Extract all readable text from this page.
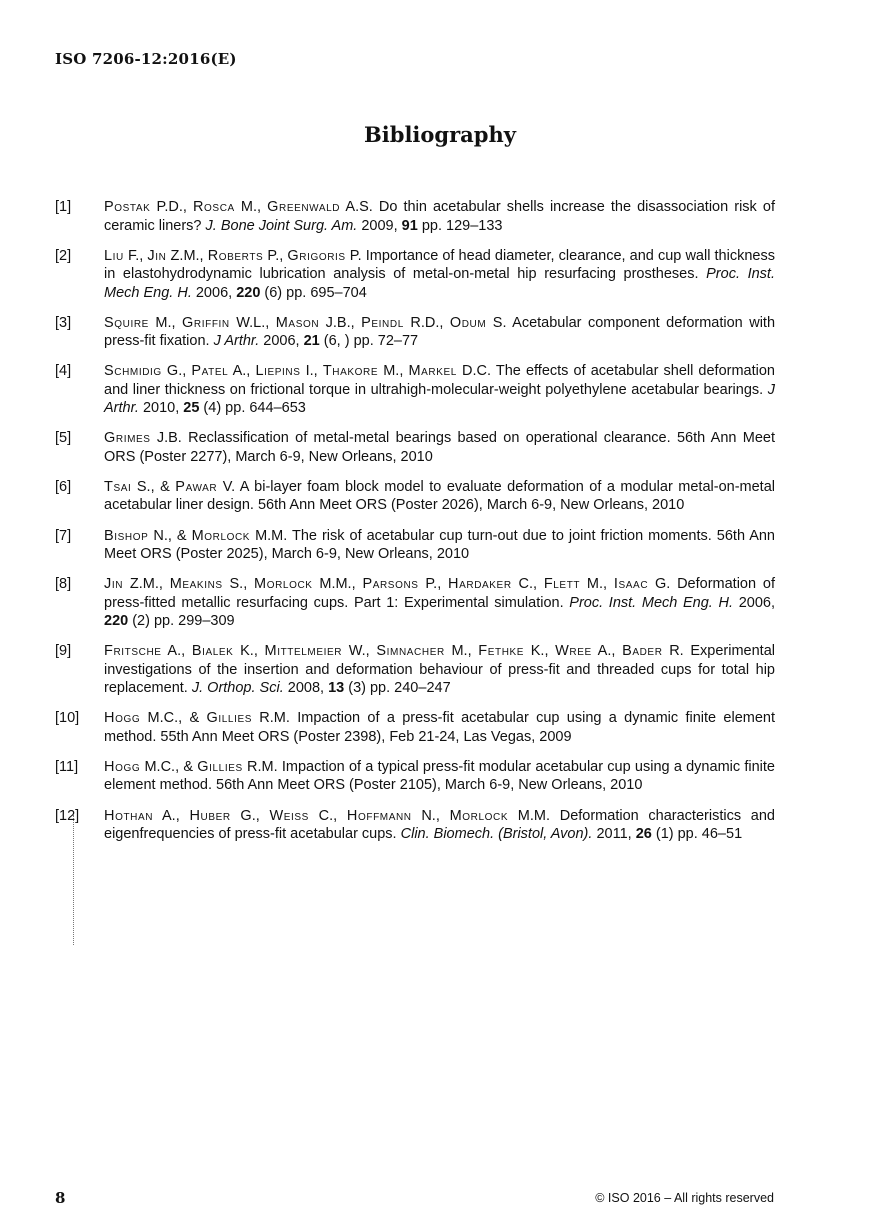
ISO 7206-12:2016(E)
Bibliography
[1]	Postak P.D., Rosca M., Greenwald A.S. Do thin acetabular shells increase the disassociation risk of ceramic liners? J. Bone Joint Surg. Am. 2009, 91 pp. 129–133
[2]	Liu F., Jin Z.M., Roberts P., Grigoris P. Importance of head diameter, clearance, and cup wall thickness in elastohydrodynamic lubrication analysis of metal-on-metal hip resurfacing prostheses. Proc. Inst. Mech Eng. H. 2006, 220 (6) pp. 695–704
[3]	Squire M., Griffin W.L., Mason J.B., Peindl R.D., Odum S. Acetabular component deformation with press-fit fixation. J Arthr. 2006, 21 (6, ) pp. 72–77
[4]	Schmidig G., Patel A., Liepins I., Thakore M., Markel D.C. The effects of acetabular shell deformation and liner thickness on frictional torque in ultrahigh-molecular-weight polyethylene acetabular bearings. J Arthr. 2010, 25 (4) pp. 644–653
[5]	Grimes J.B. Reclassification of metal-metal bearings based on operational clearance. 56th Ann Meet ORS (Poster 2277), March 6-9, New Orleans, 2010
[6]	Tsai S., & Pawar V. A bi-layer foam block model to evaluate deformation of a modular metal-on-metal acetabular liner design. 56th Ann Meet ORS (Poster 2026), March 6-9, New Orleans, 2010
[7]	Bishop N., & Morlock M.M. The risk of acetabular cup turn-out due to joint friction moments. 56th Ann Meet ORS (Poster 2025), March 6-9, New Orleans, 2010
[8]	Jin Z.M., Meakins S., Morlock M.M., Parsons P., Hardaker C., Flett M., Isaac G. Deformation of press-fitted metallic resurfacing cups. Part 1: Experimental simulation. Proc. Inst. Mech Eng. H. 2006, 220 (2) pp. 299–309
[9]	Fritsche A., Bialek K., Mittelmeier W., Simnacher M., Fethke K., Wree A., Bader R. Experimental investigations of the insertion and deformation behaviour of press-fit and threaded cups for total hip replacement. J. Orthop. Sci. 2008, 13 (3) pp. 240–247
[10]	Hogg M.C., & Gillies R.M. Impaction of a press-fit acetabular cup using a dynamic finite element method. 55th Ann Meet ORS (Poster 2398), Feb 21-24, Las Vegas, 2009
[11]	Hogg M.C., & Gillies R.M. Impaction of a typical press-fit modular acetabular cup using a dynamic finite element method. 56th Ann Meet ORS (Poster 2105), March 6-9, New Orleans, 2010
[12]	Hothan A., Huber G., Weiss C., Hoffmann N., Morlock M.M. Deformation characteristics and eigenfrequencies of press-fit acetabular cups. Clin. Biomech. (Bristol, Avon). 2011, 26 (1) pp. 46–51
8	© ISO 2016 – All rights reserved
